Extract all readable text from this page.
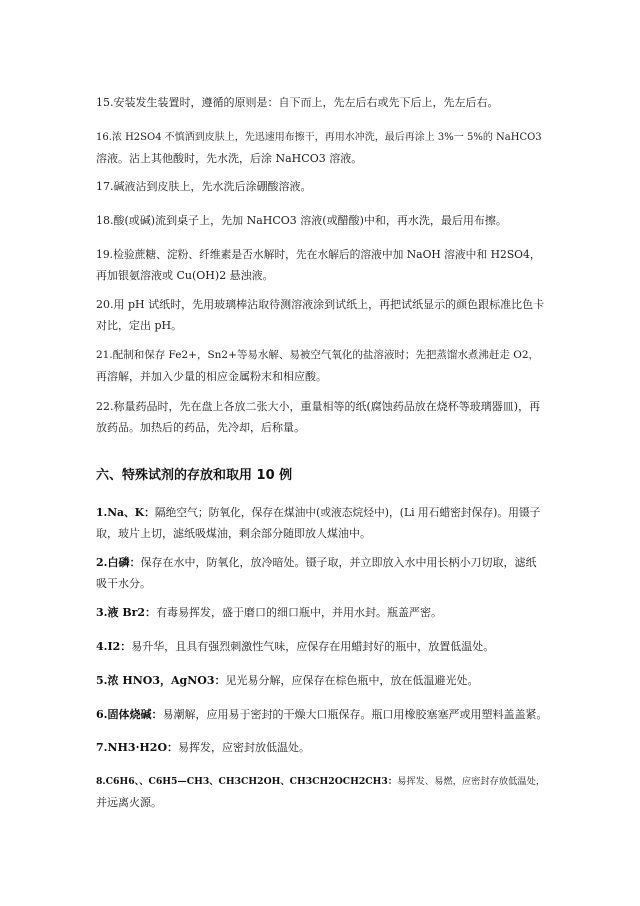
15.安装发生装置时，遵循的原则是：自下而上，先左后右或先下后上，先左后右。

16.浓 H2SO4 不慎洒到皮肤上，先迅速用布擦干，再用水冲洗，最后再涂上 3%一 5%的 NaHCO3
溶液。沾上其他酸时，先水洗，后涂 NaHCO3 溶液。

17.碱液沾到皮肤上，先水洗后涂硼酸溶液。

18.酸(或碱)流到桌子上，先加 NaHCO3 溶液(或醋酸)中和，再水洗，最后用布擦。

19.检验蔗糖、淀粉、纤维素是否水解时，先在水解后的溶液中加 NaOH 溶液中和 H2SO4，
再加银氨溶液或 Cu(OH)2 悬浊液。

20.用 pH 试纸时，先用玻璃棒沾取待测溶液涂到试纸上，再把试纸显示的颜色跟标准比色卡
对比，定出 pH。

21.配制和保存 Fe2+，Sn2+等易水解、易被空气氧化的盐溶液时；先把蒸馏水煮沸赶走 O2，
再溶解，并加入少量的相应金属粉末和相应酸。

22.称量药品时，先在盘上各放二张大小，重量相等的纸(腐蚀药品放在烧杯等玻璃器皿)，再
放药品。加热后的药品，先冷却，后称量。

六、特殊试剂的存放和取用 10 例

1.Na、K：隔绝空气；防氧化，保存在煤油中(或液态烷烃中)，(Li 用石蜡密封保存)。用镊子
取，玻片上切，滤纸吸煤油，剩余部分随即放人煤油中。

2.白磷：保存在水中，防氧化，放冷暗处。镊子取，并立即放入水中用长柄小刀切取，滤纸
吸干水分。

3.液 Br2：有毒易挥发，盛于磨口的细口瓶中，并用水封。瓶盖严密。

4.I2：易升华，且具有强烈刺激性气味，应保存在用蜡封好的瓶中，放置低温处。

5.浓 HNO3，AgNO3：见光易分解，应保存在棕色瓶中，放在低温避光处。

6.固体烧碱：易潮解，应用易于密封的干燥大口瓶保存。瓶口用橡胶塞塞严或用塑料盖盖紧。

7.NH3·H2O：易挥发，应密封放低温处。

8.C6H6、、C6H5—CH3、CH3CH2OH、CH3CH2OCH2CH3：易挥发、易燃，应密封存放低温处，
并远离火源。
